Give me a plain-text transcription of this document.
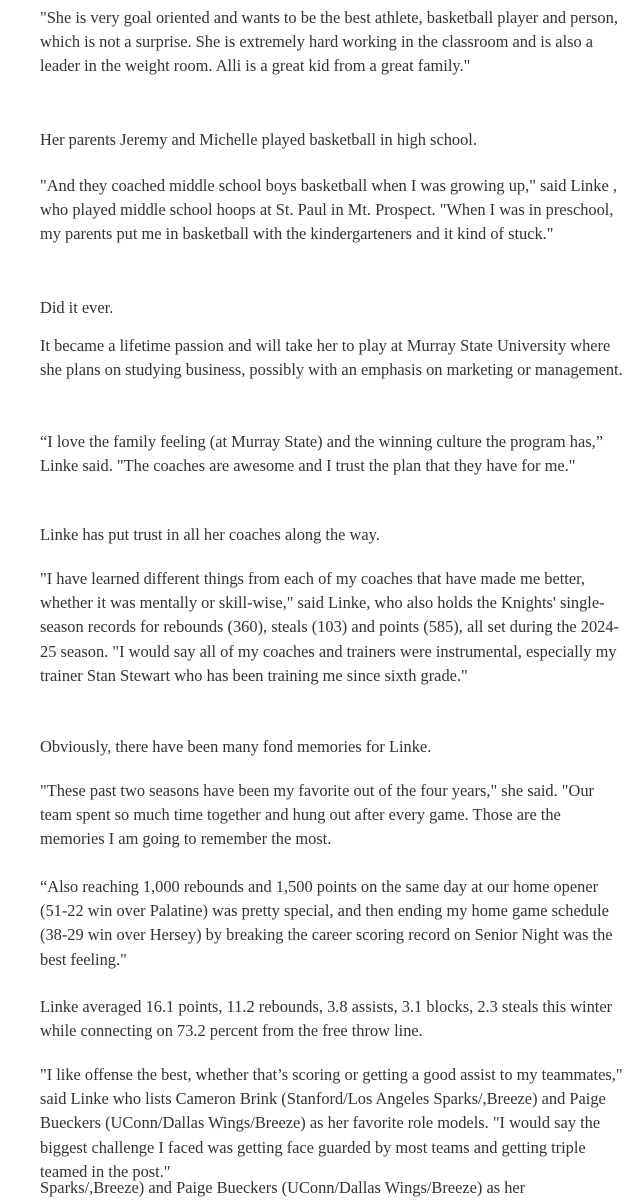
"She is very goal oriented and wants to be the best athlete, basketball player and person, which is not a surprise. She is extremely hard working in the classroom and is also a leader in the weight room. Alli is a great kid from a great family."

Her parents Jeremy and Michelle played basketball in high school.

"And they coached middle school boys basketball when I was growing up," said Linke , who played middle school hoops at St. Paul in Mt. Prospect. "When I was in preschool, my parents put me in basketball with the kindergarteners and it kind of stuck."

Did it ever.

It became a lifetime passion and will take her to play at Murray State University where she plans on studying business, possibly with an emphasis on marketing or management.

“I love the family feeling (at Murray State) and the winning culture the program has,” Linke said. "The coaches are awesome and I trust the plan that they have for me."

Linke has put trust in all her coaches along the way.

"I have learned different things from each of my coaches that have made me better, whether it was mentally or skill-wise," said Linke, who also holds the Knights' single-season records for rebounds (360), steals (103) and points (585), all set during the 2024-25 season. "I would say all of my coaches and trainers were instrumental, especially my trainer Stan Stewart who has been training me since sixth grade."

Obviously, there have been many fond memories for Linke.

"These past two seasons have been my favorite out of the four years," she said. "Our team spent so much time together and hung out after every game. Those are the memories I am going to remember the most.

“Also reaching 1,000 rebounds and 1,500 points on the same day at our home opener (51-22 win over Palatine) was pretty special, and then ending my home game schedule (38-29 win over Hersey) by breaking the career scoring record on Senior Night was the best feeling."

Linke averaged 16.1 points, 11.2 rebounds, 3.8 assists, 3.1 blocks, 2.3 steals this winter while connecting on 73.2 percent from the free throw line.

"I like offense the best, whether that’s scoring or getting a good assist to my teammates," said Linke who lists Cameron Brink (Stanford/Los Angeles Sparks/,Breeze) and Paige Bueckers (UConn/Dallas Wings/Breeze) as her favorite role models. "I would say the biggest challenge I faced was getting face guarded by most teams and getting triple teamed in the post."

Sparks/,Breeze) and Paige Bueckers (UConn/Dallas Wings/Breeze) as her
